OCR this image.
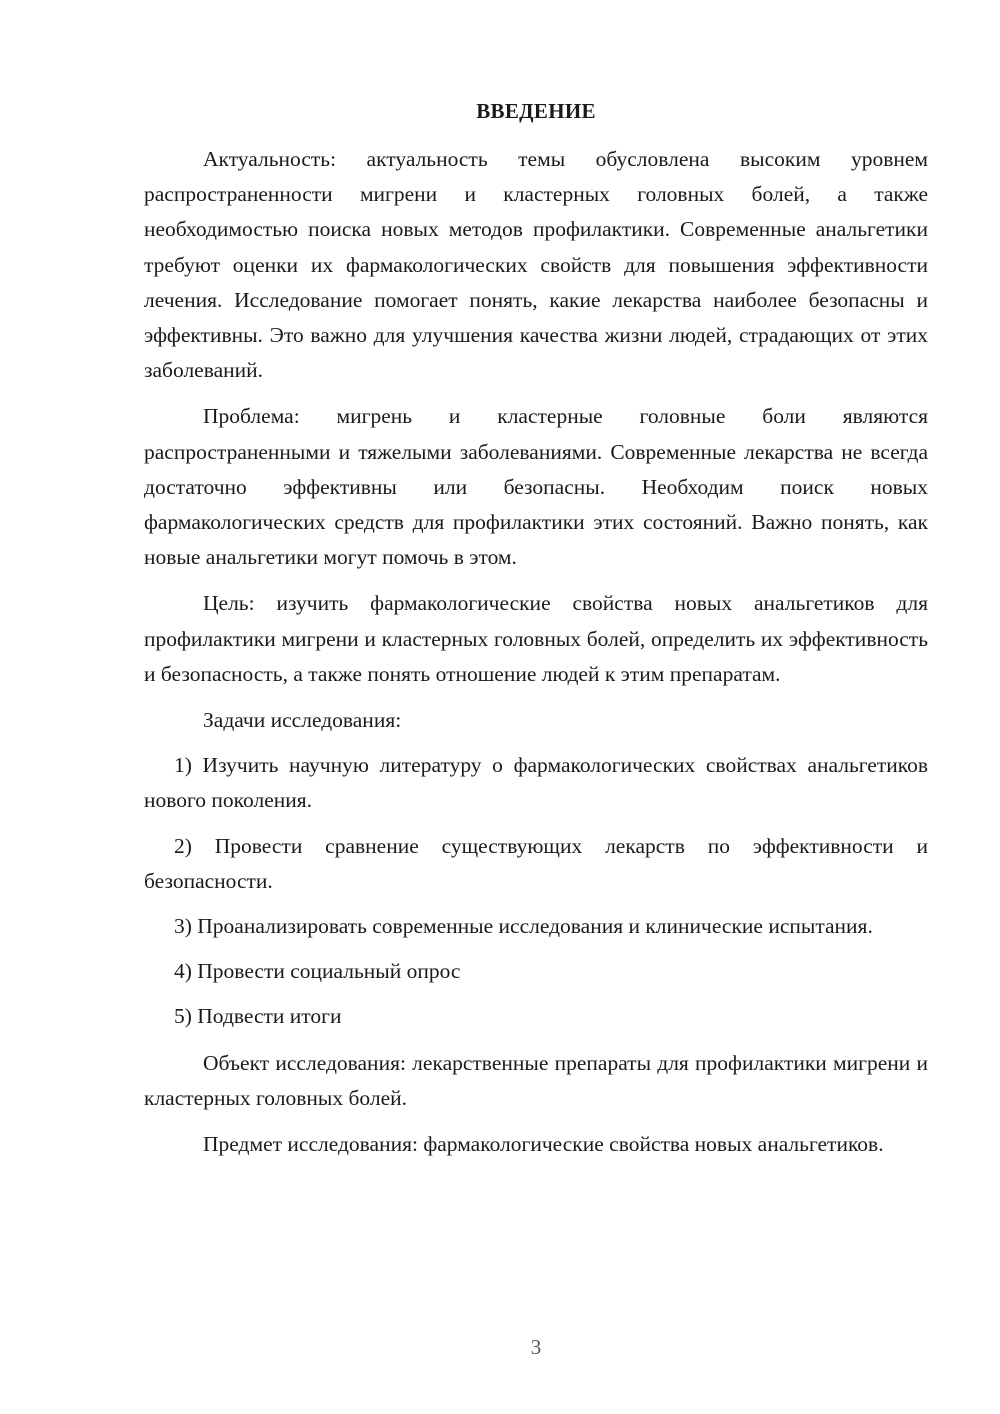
ВВЕДЕНИЕ

Актуальность: актуальность темы обусловлена высоким уровнем распространенности мигрени и кластерных головных болей, а также необходимостью поиска новых методов профилактики. Современные анальгетики требуют оценки их фармакологических свойств для повышения эффективности лечения. Исследование помогает понять, какие лекарства наиболее безопасны и эффективны. Это важно для улучшения качества жизни людей, страдающих от этих заболеваний.

Проблема: мигрень и кластерные головные боли являются распространенными и тяжелыми заболеваниями. Современные лекарства не всегда достаточно эффективны или безопасны. Необходим поиск новых фармакологических средств для профилактики этих состояний. Важно понять, как новые анальгетики могут помочь в этом.

Цель: изучить фармакологические свойства новых анальгетиков для профилактики мигрени и кластерных головных болей, определить их эффективность и безопасность, а также понять отношение людей к этим препаратам.

Задачи исследования:

1) Изучить научную литературу о фармакологических свойствах анальгетиков нового поколения.

2) Провести сравнение существующих лекарств по эффективности и безопасности.

3) Проанализировать современные исследования и клинические испытания.

4) Провести социальный опрос

5) Подвести итоги

Объект исследования: лекарственные препараты для профилактики мигрени и кластерных головных болей.

Предмет исследования: фармакологические свойства новых анальгетиков.

3
